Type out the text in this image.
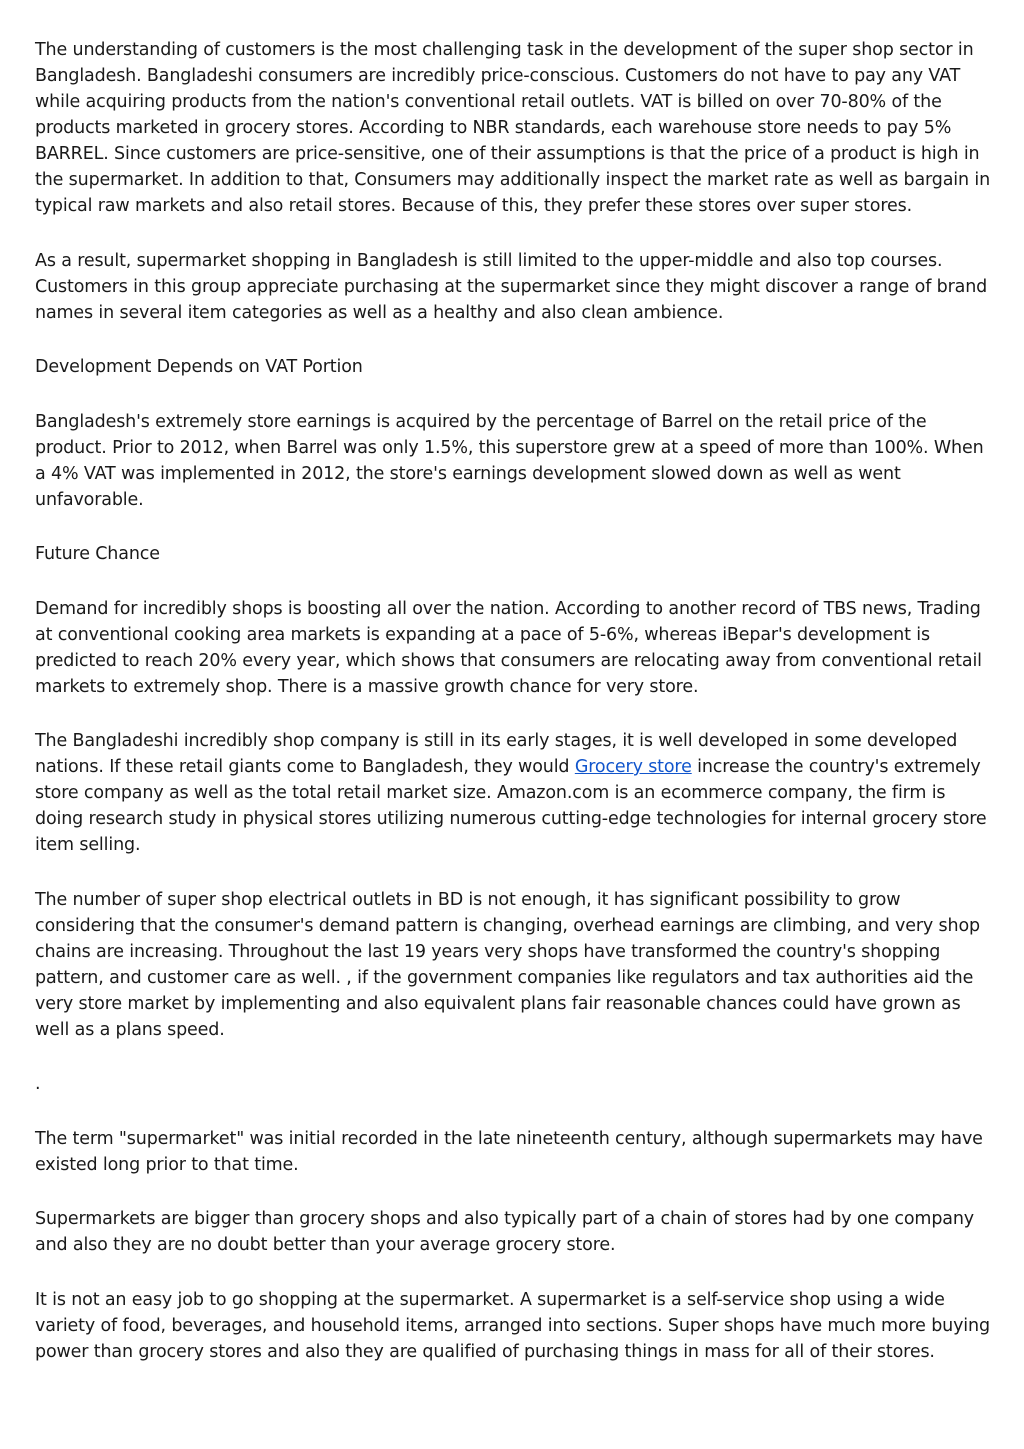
The understanding of customers is the most challenging task in the development of the super shop sector in Bangladesh. Bangladeshi consumers are incredibly price-conscious. Customers do not have to pay any VAT while acquiring products from the nation's conventional retail outlets. VAT is billed on over 70-80% of the products marketed in grocery stores. According to NBR standards, each warehouse store needs to pay 5% BARREL. Since customers are price-sensitive, one of their assumptions is that the price of a product is high in the supermarket. In addition to that, Consumers may additionally inspect the market rate as well as bargain in typical raw markets and also retail stores. Because of this, they prefer these stores over super stores.

As a result, supermarket shopping in Bangladesh is still limited to the upper-middle and also top courses. Customers in this group appreciate purchasing at the supermarket since they might discover a range of brand names in several item categories as well as a healthy and also clean ambience.

Development Depends on VAT Portion

Bangladesh's extremely store earnings is acquired by the percentage of Barrel on the retail price of the product. Prior to 2012, when Barrel was only 1.5%, this superstore grew at a speed of more than 100%. When a 4% VAT was implemented in 2012, the store's earnings development slowed down as well as went unfavorable.

Future Chance

Demand for incredibly shops is boosting all over the nation. According to another record of TBS news, Trading at conventional cooking area markets is expanding at a pace of 5-6%, whereas iBepar's development is predicted to reach 20% every year, which shows that consumers are relocating away from conventional retail markets to extremely shop. There is a massive growth chance for very store.

The Bangladeshi incredibly shop company is still in its early stages, it is well developed in some developed nations. If these retail giants come to Bangladesh, they would Grocery store increase the country's extremely store company as well as the total retail market size. Amazon.com is an ecommerce company, the firm is doing research study in physical stores utilizing numerous cutting-edge technologies for internal grocery store item selling.

The number of super shop electrical outlets in BD is not enough, it has significant possibility to grow considering that the consumer's demand pattern is changing, overhead earnings are climbing, and very shop chains are increasing. Throughout the last 19 years very shops have transformed the country's shopping pattern, and customer care as well. , if the government companies like regulators and tax authorities aid the very store market by implementing and also equivalent plans fair reasonable chances could have grown as well as a plans speed.

.

The term "supermarket" was initial recorded in the late nineteenth century, although supermarkets may have existed long prior to that time.

Supermarkets are bigger than grocery shops and also typically part of a chain of stores had by one company and also they are no doubt better than your average grocery store.

It is not an easy job to go shopping at the supermarket. A supermarket is a self-service shop using a wide variety of food, beverages, and household items, arranged into sections. Super shops have much more buying power than grocery stores and also they are qualified of purchasing things in mass for all of their stores.
